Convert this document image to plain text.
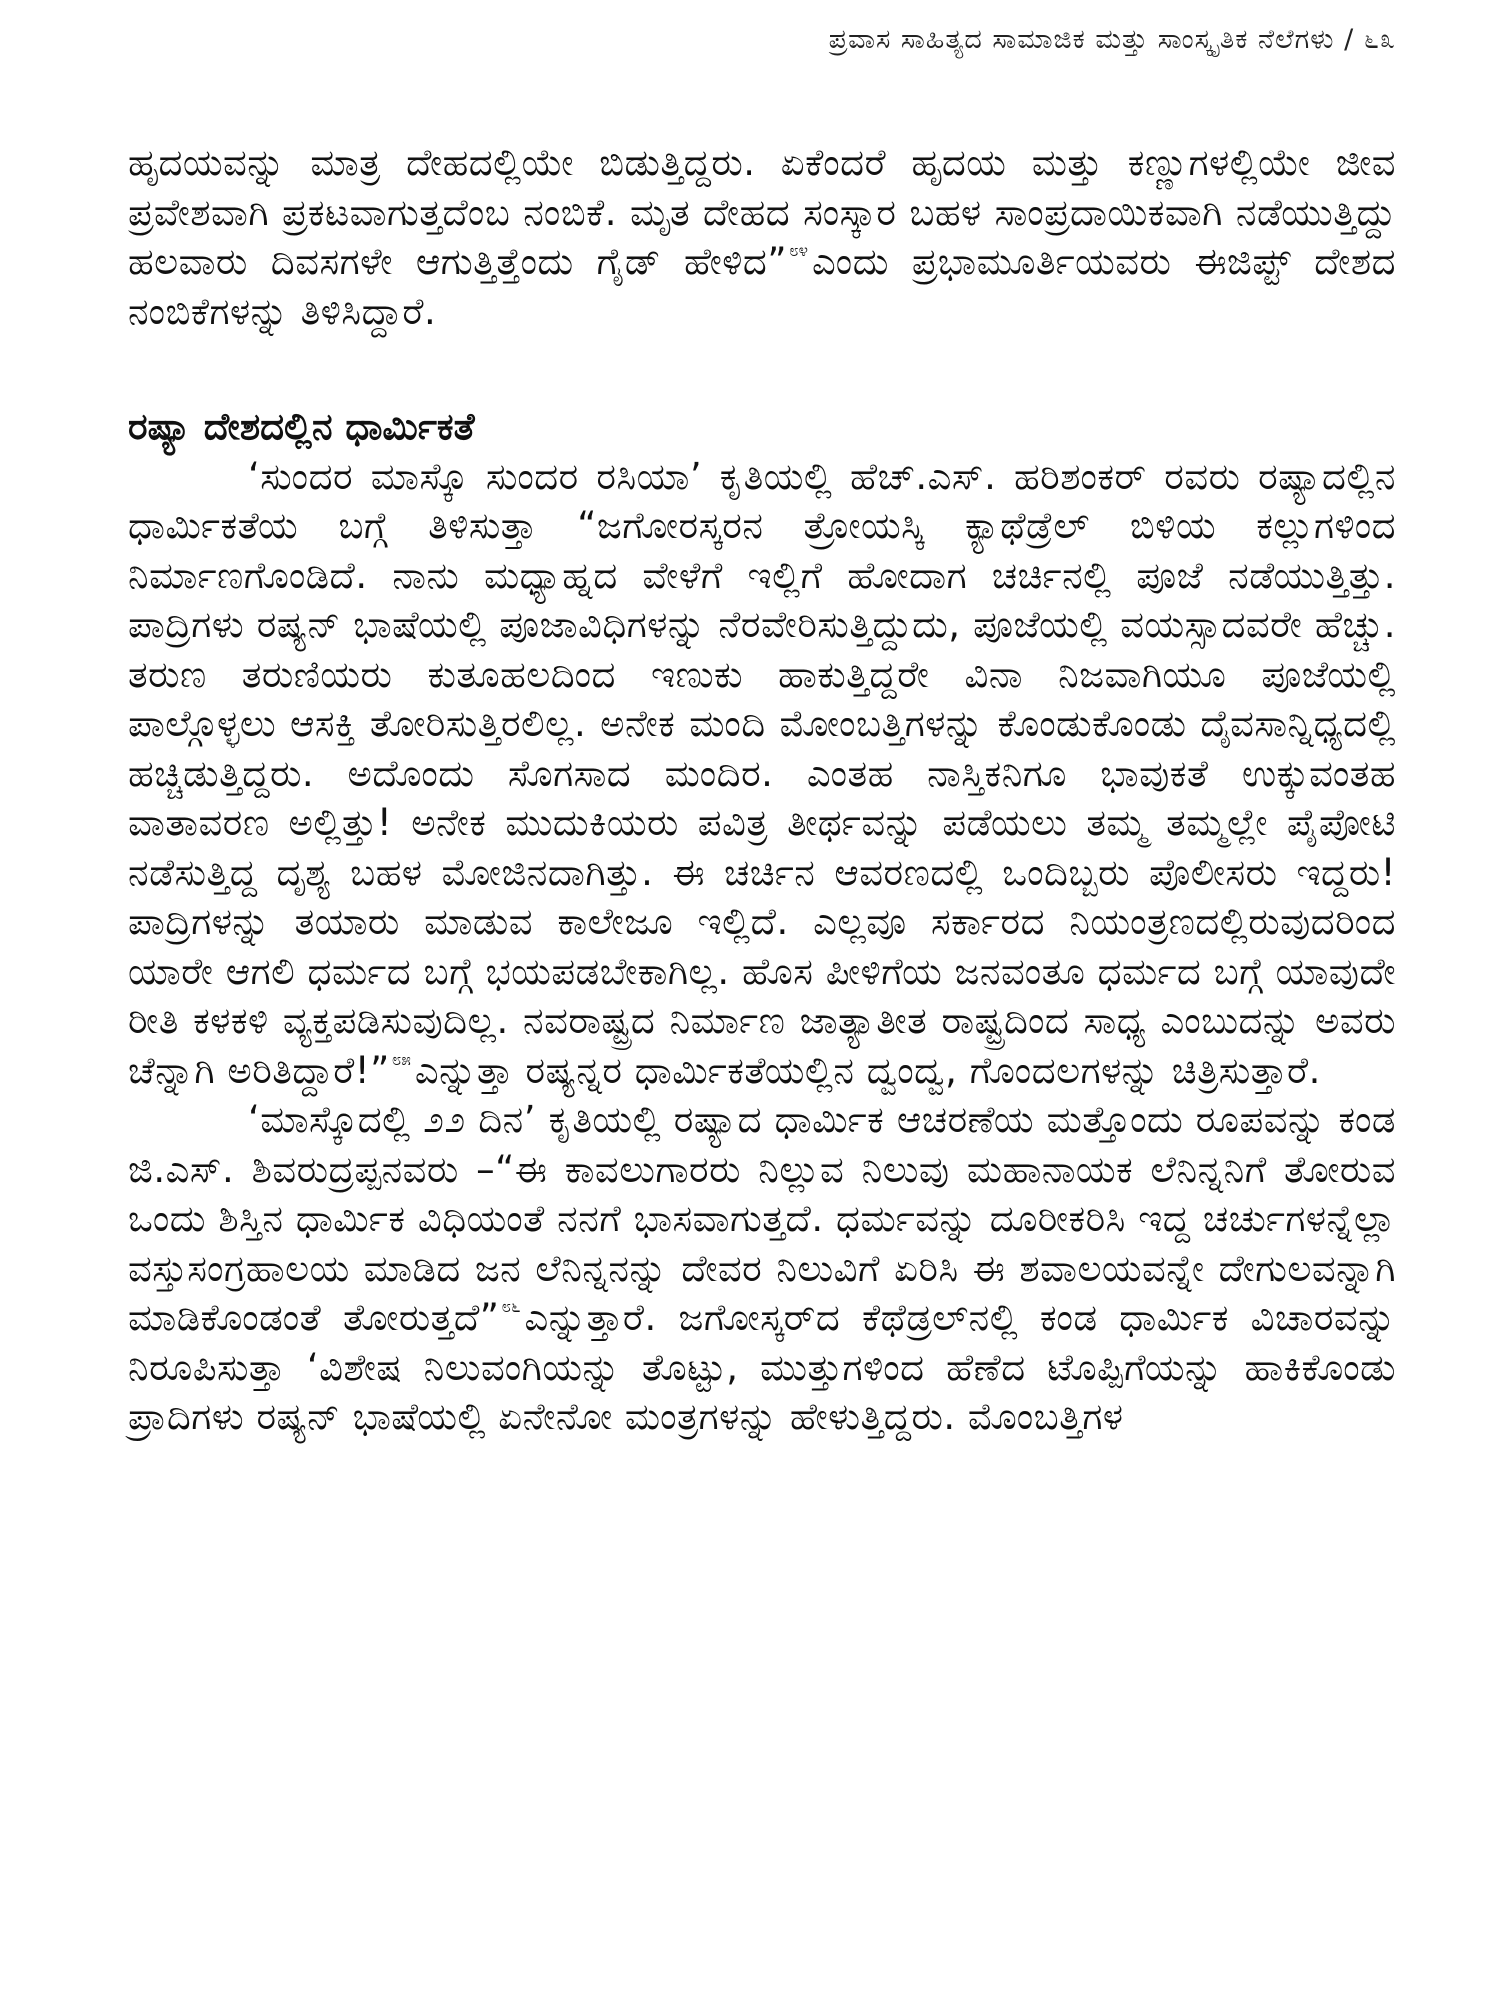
ಪ್ರವಾಸ ಸಾಹಿತ್ಯದ ಸಾಮಾಜಿಕ ಮತ್ತು ಸಾಂಸ್ಕೃತಿಕ ನೆಲೆಗಳು / ೬೩

ಹೃದಯವನ್ನು ಮಾತ್ರ ದೇಹದಲ್ಲಿಯೇ ಬಿಡುತ್ತಿದ್ದರು. ಏಕೆಂದರೆ ಹೃದಯ ಮತ್ತು ಕಣ್ಣುಗಳಲ್ಲಿಯೇ ಜೀವ ಪ್ರವೇಶವಾಗಿ ಪ್ರಕಟವಾಗುತ್ತದೆಂಬ ನಂಬಿಕೆ. ಮೃತ ದೇಹದ ಸಂಸ್ಕಾರ ಬಹಳ ಸಾಂಪ್ರದಾಯಿಕವಾಗಿ ನಡೆಯುತ್ತಿದ್ದು ಹಲವಾರು ದಿವಸಗಳೇ ಆಗುತ್ತಿತ್ತೆಂದು ಗೈಡ್ ಹೇಳಿದ” $^{೮೪}$ ಎಂದು ಪ್ರಭಾಮೂರ್ತಿಯವರು ಈಜಿಪ್ಟ್ ದೇಶದ ನಂಬಿಕೆಗಳನ್ನು ತಿಳಿಸಿದ್ದಾರೆ.

ರಷ್ಯಾ ದೇಶದಲ್ಲಿನ ಧಾರ್ಮಿಕತೆ

‘ಸುಂದರ ಮಾಸ್ಕೊ ಸುಂದರ ರಸಿಯಾ’ ಕೃತಿಯಲ್ಲಿ ಹೆಚ್.ಎಸ್. ಹರಿಶಂಕರ್ ರವರು ರಷ್ಯಾದಲ್ಲಿನ ಧಾರ್ಮಿಕತೆಯ ಬಗ್ಗೆ ತಿಳಿಸುತ್ತಾ “ಜಗೋರಸ್ಕರನ ತ್ರೋಯಸ್ಕಿ ಕ್ಯಾಥೆಡ್ರೆಲ್ ಬಿಳಿಯ ಕಲ್ಲುಗಳಿಂದ ನಿರ್ಮಾಣಗೊಂಡಿದೆ. ನಾನು ಮಧ್ಯಾಹ್ನದ ವೇಳೆಗೆ ಇಲ್ಲಿಗೆ ಹೋದಾಗ ಚರ್ಚಿನಲ್ಲಿ ಪೂಜೆ ನಡೆಯುತ್ತಿತ್ತು. ಪಾದ್ರಿಗಳು ರಷ್ಯನ್ ಭಾಷೆಯಲ್ಲಿ ಪೂಜಾವಿಧಿಗಳನ್ನು ನೆರವೇರಿಸುತ್ತಿದ್ದುದು, ಪೂಜೆಯಲ್ಲಿ ವಯಸ್ಸಾದವರೇ ಹೆಚ್ಚು. ತರುಣ ತರುಣಿಯರು ಕುತೂಹಲದಿಂದ ಇಣುಕು ಹಾಕುತ್ತಿದ್ದರೇ ವಿನಾ ನಿಜವಾಗಿಯೂ ಪೂಜೆಯಲ್ಲಿ ಪಾಲ್ಗೊಳ್ಳಲು ಆಸಕ್ತಿ ತೋರಿಸುತ್ತಿರಲಿಲ್ಲ. ಅನೇಕ ಮಂದಿ ಮೋಂಬತ್ತಿಗಳನ್ನು ಕೊಂಡುಕೊಂಡು ದೈವಸಾನ್ನಿಧ್ಯದಲ್ಲಿ ಹಚ್ಚಿಡುತ್ತಿದ್ದರು. ಅದೊಂದು ಸೊಗಸಾದ ಮಂದಿರ. ಎಂತಹ ನಾಸ್ತಿಕನಿಗೂ ಭಾವುಕತೆ ಉಕ್ಕುವಂತಹ ವಾತಾವರಣ ಅಲ್ಲಿತ್ತು! ಅನೇಕ ಮುದುಕಿಯರು ಪವಿತ್ರ ತೀರ್ಥವನ್ನು ಪಡೆಯಲು ತಮ್ಮ ತಮ್ಮಲ್ಲೇ ಪೈಪೋಟಿ ನಡೆಸುತ್ತಿದ್ದ ದೃಶ್ಯ ಬಹಳ ಮೋಜಿನದಾಗಿತ್ತು. ಈ ಚರ್ಚಿನ ಆವರಣದಲ್ಲಿ ಒಂದಿಬ್ಬರು ಪೊಲೀಸರು ಇದ್ದರು! ಪಾದ್ರಿಗಳನ್ನು ತಯಾರು ಮಾಡುವ ಕಾಲೇಜೂ ಇಲ್ಲಿದೆ. ಎಲ್ಲವೂ ಸರ್ಕಾರದ ನಿಯಂತ್ರಣದಲ್ಲಿರುವುದರಿಂದ ಯಾರೇ ಆಗಲಿ ಧರ್ಮದ ಬಗ್ಗೆ ಭಯಪಡಬೇಕಾಗಿಲ್ಲ. ಹೊಸ ಪೀಳಿಗೆಯ ಜನವಂತೂ ಧರ್ಮದ ಬಗ್ಗೆ ಯಾವುದೇ ರೀತಿ ಕಳಕಳಿ ವ್ಯಕ್ತಪಡಿಸುವುದಿಲ್ಲ. ನವರಾಷ್ಟ್ರದ ನಿರ್ಮಾಣ ಜಾತ್ಯಾತೀತ ರಾಷ್ಟ್ರದಿಂದ ಸಾಧ್ಯ ಎಂಬುದನ್ನು ಅವರು ಚೆನ್ನಾಗಿ ಅರಿತಿದ್ದಾರೆ!” $^{೮೫}$ ಎನ್ನುತ್ತಾ ರಷ್ಯನ್ನರ ಧಾರ್ಮಿಕತೆಯಲ್ಲಿನ ದ್ವಂದ್ವ, ಗೊಂದಲಗಳನ್ನು ಚಿತ್ರಿಸುತ್ತಾರೆ.

‘ಮಾಸ್ಕೊದಲ್ಲಿ ೨೨ ದಿನ’ ಕೃತಿಯಲ್ಲಿ ರಷ್ಯಾದ ಧಾರ್ಮಿಕ ಆಚರಣೆಯ ಮತ್ತೊಂದು ರೂಪವನ್ನು ಕಂಡ ಜಿ.ಎಸ್. ಶಿವರುದ್ರಪ್ಪನವರು –“ಈ ಕಾವಲುಗಾರರು ನಿಲ್ಲುವ ನಿಲುವು ಮಹಾನಾಯಕ ಲೆನಿನ್ನನಿಗೆ ತೋರುವ ಒಂದು ಶಿಸ್ತಿನ ಧಾರ್ಮಿಕ ವಿಧಿಯಂತೆ ನನಗೆ ಭಾಸವಾಗುತ್ತದೆ. ಧರ್ಮವನ್ನು ದೂರೀಕರಿಸಿ ಇದ್ದ ಚರ್ಚುಗಳನ್ನೆಲ್ಲಾ ವಸ್ತುಸಂಗ್ರಹಾಲಯ ಮಾಡಿದ ಜನ ಲೆನಿನ್ನನನ್ನು ದೇವರ ನಿಲುವಿಗೆ ಏರಿಸಿ ಈ ಶವಾಲಯವನ್ನೇ ದೇಗುಲವನ್ನಾಗಿ ಮಾಡಿಕೊಂಡಂತೆ ತೋರುತ್ತದೆ” $^{೮೬}$ ಎನ್ನುತ್ತಾರೆ. ಜಗೋಸ್ಕರ್‌ದ ಕೆಥೆಡ್ರಲ್‌ನಲ್ಲಿ ಕಂಡ ಧಾರ್ಮಿಕ ವಿಚಾರವನ್ನು ನಿರೂಪಿಸುತ್ತಾ ‘ವಿಶೇಷ ನಿಲುವಂಗಿಯನ್ನು ತೊಟ್ಟು, ಮುತ್ತುಗಳಿಂದ ಹೆಣೆದ ಟೊಪ್ಪಿಗೆಯನ್ನು ಹಾಕಿಕೊಂಡು ಪ್ರಾದಿಗಳು ರಷ್ಯನ್ ಭಾಷೆಯಲ್ಲಿ ಏನೇನೋ ಮಂತ್ರಗಳನ್ನು ಹೇಳುತ್ತಿದ್ದರು. ಮೊಂಬತ್ತಿಗಳ
